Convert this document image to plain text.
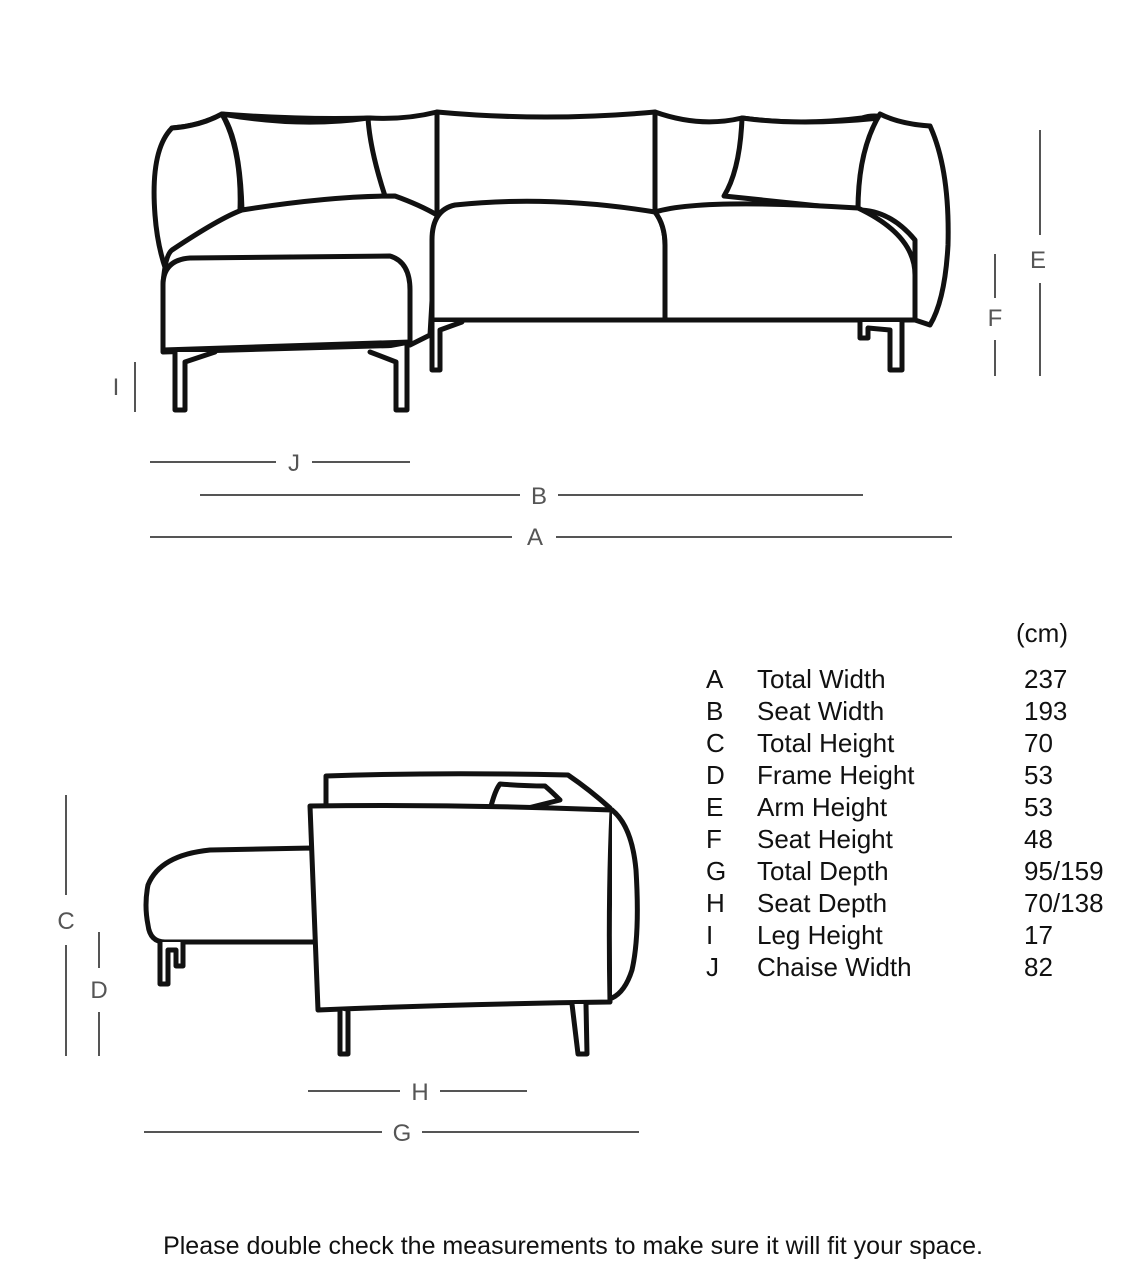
E
F
I
J
B
A
C
D
H
G
(cm)
A Total Width	237
B Seat Width	193
C Total Height	70
D Frame Height	53
E Arm Height	53
F Seat Height	48
G Total Depth	95/159
H Seat Depth	70/138
I Leg Height	17
J Chaise Width	82
Please double check the measurements to make sure it will fit your space.
